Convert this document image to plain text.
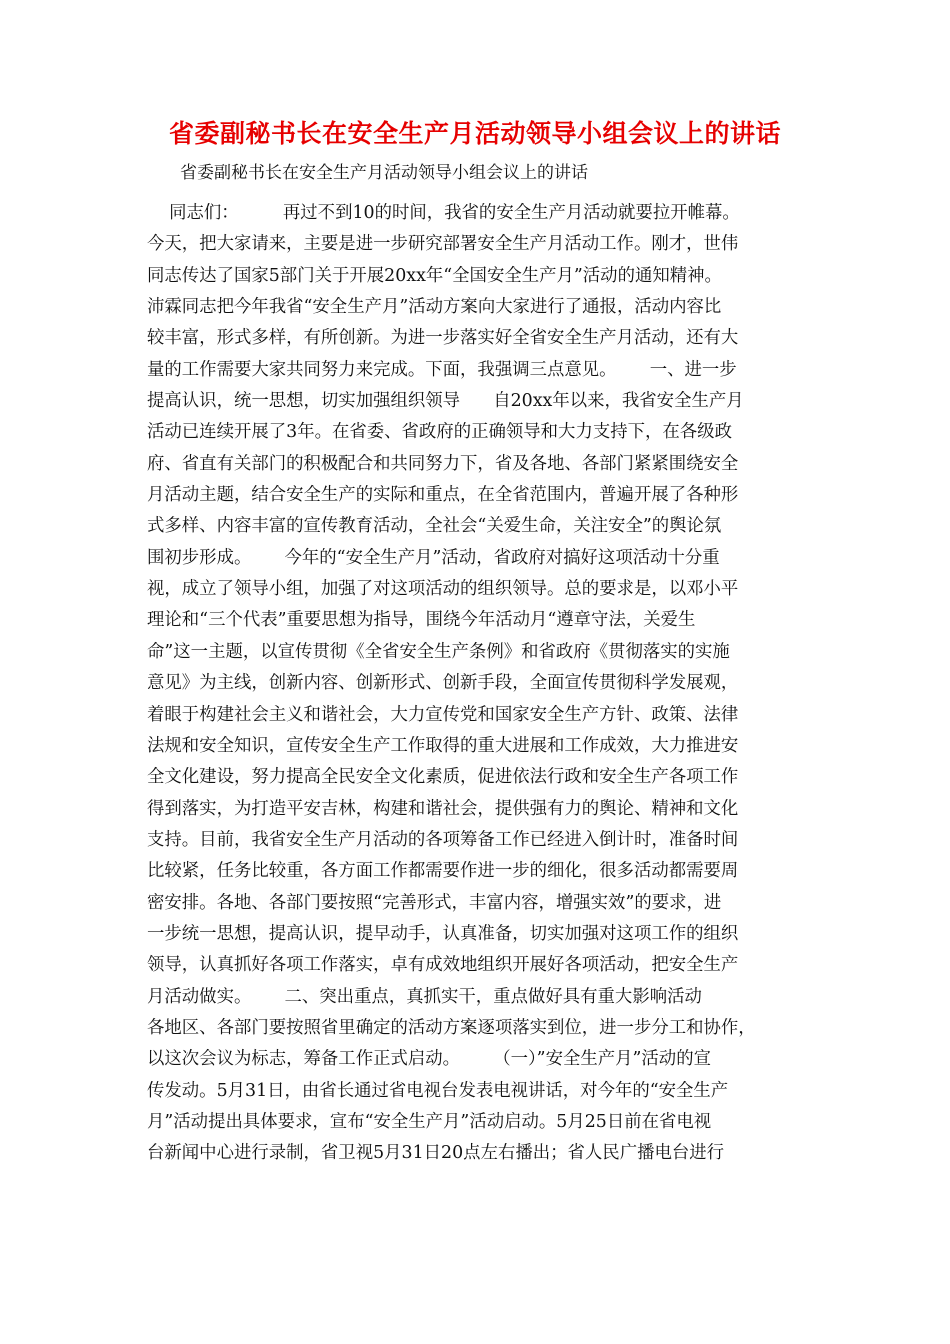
省委副秘书长在安全生产月活动领导小组会议上的讲话
省委副秘书长在安全生产月活动领导小组会议上的讲话
同志们：        再过不到10的时间，我省的安全生产月活动就要拉开帷幕。
今天，把大家请来，主要是进一步研究部署安全生产月活动工作。刚才，世伟
同志传达了国家5部门关于开展20xx年“全国安全生产月”活动的通知精神。
沛霖同志把今年我省“安全生产月”活动方案向大家进行了通报，活动内容比
较丰富，形式多样，有所创新。为进一步落实好全省安全生产月活动，还有大
量的工作需要大家共同努力来完成。下面，我强调三点意见。      一、进一步
提高认识，统一思想，切实加强组织领导      自20xx年以来，我省安全生产月
活动已连续开展了3年。在省委、省政府的正确领导和大力支持下，在各级政
府、省直有关部门的积极配合和共同努力下，省及各地、各部门紧紧围绕安全
月活动主题，结合安全生产的实际和重点，在全省范围内，普遍开展了各种形
式多样、内容丰富的宣传教育活动，全社会“关爱生命，关注安全”的舆论氛
围初步形成。      今年的“安全生产月”活动，省政府对搞好这项活动十分重
视，成立了领导小组，加强了对这项活动的组织领导。总的要求是，以邓小平
理论和“三个代表”重要思想为指导，围绕今年活动月“遵章守法，关爱生
命”这一主题，以宣传贯彻《全省安全生产条例》和省政府《贯彻落实的实施
意见》为主线，创新内容、创新形式、创新手段，全面宣传贯彻科学发展观，
着眼于构建社会主义和谐社会，大力宣传党和国家安全生产方针、政策、法律
法规和安全知识，宣传安全生产工作取得的重大进展和工作成效，大力推进安
全文化建设，努力提高全民安全文化素质，促进依法行政和安全生产各项工作
得到落实，为打造平安吉林，构建和谐社会，提供强有力的舆论、精神和文化
支持。目前，我省安全生产月活动的各项筹备工作已经进入倒计时，准备时间
比较紧，任务比较重，各方面工作都需要作进一步的细化，很多活动都需要周
密安排。各地、各部门要按照“完善形式，丰富内容，增强实效”的要求，进
一步统一思想，提高认识，提早动手，认真准备，切实加强对这项工作的组织
领导，认真抓好各项工作落实，卓有成效地组织开展好各项活动，把安全生产
月活动做实。      二、突出重点，真抓实干，重点做好具有重大影响活动
各地区、各部门要按照省里确定的活动方案逐项落实到位，进一步分工和协作，
以这次会议为标志，筹备工作正式启动。      （一）”安全生产月”活动的宣
传发动。5月31日，由省长通过省电视台发表电视讲话，对今年的“安全生产
月”活动提出具体要求，宣布“安全生产月”活动启动。5月25日前在省电视
台新闻中心进行录制，省卫视5月31日20点左右播出；省人民广播电台进行
